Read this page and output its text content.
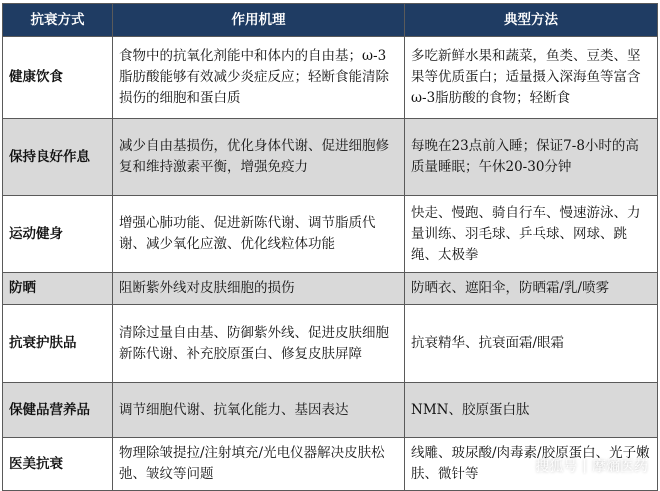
抗衰方式	作用机理	典型方法
健康饮食	食物中的抗氧化剂能中和体内的自由基；ω-3脂肪酸能够有效减少炎症反应；轻断食能清除损伤的细胞和蛋白质	多吃新鲜水果和蔬菜，鱼类、豆类、坚果等优质蛋白；适量摄入深海鱼等富含ω-3脂肪酸的食物；轻断食
保持良好作息	减少自由基损伤，优化身体代谢、促进细胞修复和维持激素平衡，增强免疫力	每晚在23点前入睡；保证7-8小时的高质量睡眠；午休20-30分钟
运动健身	增强心肺功能、促进新陈代谢、调节脂质代谢、减少氧化应激、优化线粒体功能	快走、慢跑、骑自行车、慢速游泳、力量训练、羽毛球、乒乓球、网球、跳绳、太极拳
防晒	阻断紫外线对皮肤细胞的损伤	防晒衣、遮阳伞，防晒霜/乳/喷雾
抗衰护肤品	清除过量自由基、防御紫外线、促进皮肤细胞新陈代谢、补充胶原蛋白、修复皮肤屏障	抗衰精华、抗衰面霜/眼霜
保健品营养品	调节细胞代谢、抗氧化能力、基因表达	NMN、胶原蛋白肽
医美抗衰	物理除皱提拉/注射填充/光电仪器解决皮肤松弛、皱纹等问题	线雕、玻尿酸/肉毒素/胶原蛋白、光子嫩肤、微针等	搜狐号 | 摩熵医药
